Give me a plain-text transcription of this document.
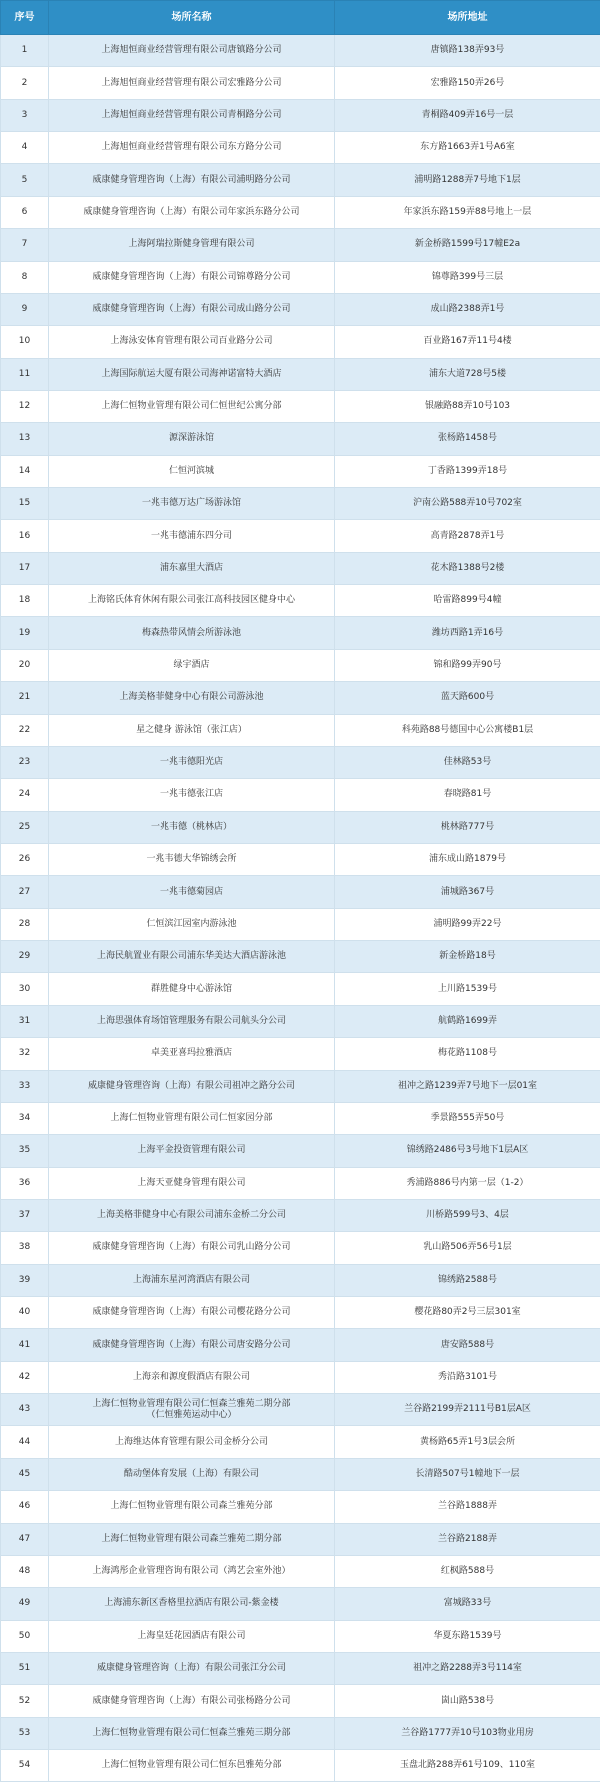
序号	场所名称	场所地址
1	上海旭恒商业经营管理有限公司唐镇路分公司	唐镇路138弄93号
2	上海旭恒商业经营管理有限公司宏雅路分公司	宏雅路150弄26号
3	上海旭恒商业经营管理有限公司青桐路分公司	青桐路409弄16号一层
4	上海旭恒商业经营管理有限公司东方路分公司	东方路1663弄1号A6室
5	威康健身管理咨询（上海）有限公司浦明路分公司	浦明路1288弄7号地下1层
6	威康健身管理咨询（上海）有限公司年家浜东路分公司	年家浜东路159弄88号地上一层
7	上海阿瑞拉斯健身管理有限公司	新金桥路1599号17幢E2a
8	威康健身管理咨询（上海）有限公司锦尊路分公司	锦尊路399号三层
9	威康健身管理咨询（上海）有限公司成山路分公司	成山路2388弄1号
10	上海泳安体育管理有限公司百业路分公司	百业路167弄11号4楼
11	上海国际航运大厦有限公司海神诺富特大酒店	浦东大道728号5楼
12	上海仁恒物业管理有限公司仁恒世纪公寓分部	银融路88弄10号103
13	源深游泳馆	张杨路1458号
14	仁恒河滨城	丁香路1399弄18号
15	一兆韦德万达广场游泳馆	沪南公路588弄10号702室
16	一兆韦德浦东四分司	高青路2878弄1号
17	浦东嘉里大酒店	花木路1388号2楼
18	上海铭氏体育休闲有限公司张江高科技园区健身中心	哈雷路899号4幢
19	梅森热带风情会所游泳池	潍坊西路1弄16号
20	绿宇酒店	锦和路99弄90号
21	上海美格菲健身中心有限公司游泳池	蓝天路600号
22	星之健身 游泳馆（张江店）	科苑路88号德国中心公寓楼B1层
23	一兆韦德阳光店	佳林路53号
24	一兆韦德张江店	春晓路81号
25	一兆韦德（桃林店）	桃林路777号
26	一兆韦德大华锦绣会所	浦东成山路1879号
27	一兆韦德菊园店	浦城路367号
28	仁恒滨江园室内游泳池	浦明路99弄22号
29	上海民航置业有限公司浦东华美达大酒店游泳池	新金桥路18号
30	群胜健身中心游泳馆	上川路1539号
31	上海思强体育场馆管理服务有限公司航头分公司	航鹤路1699弄
32	卓美亚喜玛拉雅酒店	梅花路1108号
33	威康健身管理咨询（上海）有限公司祖冲之路分公司	祖冲之路1239弄7号地下一层01室
34	上海仁恒物业管理有限公司仁恒家园分部	季景路555弄50号
35	上海平金投资管理有限公司	锦绣路2486号3号地下1层A区
36	上海天亚健身管理有限公司	秀浦路886号内第一层（1-2）
37	上海美格菲健身中心有限公司浦东金桥二分公司	川桥路599号3、4层
38	威康健身管理咨询（上海）有限公司乳山路分公司	乳山路506弄56号1层
39	上海浦东星河湾酒店有限公司	锦绣路2588号
40	威康健身管理咨询（上海）有限公司樱花路分公司	樱花路80弄2号三层301室
41	威康健身管理咨询（上海）有限公司唐安路分公司	唐安路588号
42	上海亲和源度假酒店有限公司	秀沿路3101号
43	上海仁恒物业管理有限公司仁恒森兰雅苑二期分部
（仁恒雅苑运动中心）	兰谷路2199弄2111号B1层A区
44	上海维达体育管理有限公司金桥分公司	黄杨路65弄1号3层会所
45	酷动堡体育发展（上海）有限公司	长清路507号1幢地下一层
46	上海仁恒物业管理有限公司森兰雅苑分部	兰谷路1888弄
47	上海仁恒物业管理有限公司森兰雅苑二期分部	兰谷路2188弄
48	上海鸿彤企业管理咨询有限公司（鸿艺会室外池）	红枫路588号
49	上海浦东新区香格里拉酒店有限公司-紫金楼	富城路33号
50	上海皇廷花园酒店有限公司	华夏东路1539号
51	威康健身管理咨询（上海）有限公司张江分公司	祖冲之路2288弄3号114室
52	威康健身管理咨询（上海）有限公司张杨路分公司	崮山路538号
53	上海仁恒物业管理有限公司仁恒森兰雅苑三期分部	兰谷路1777弄10号103物业用房
54	上海仁恒物业管理有限公司仁恒东邑雅苑分部	玉盘北路288弄61号109、110室
